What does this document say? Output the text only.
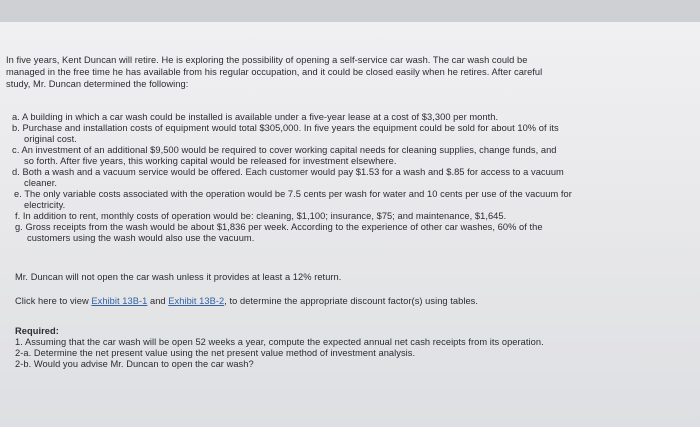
In five years, Kent Duncan will retire. He is exploring the possibility of opening a self-service car wash. The car wash could be
managed in the free time he has available from his regular occupation, and it could be closed easily when he retires. After careful
study, Mr. Duncan determined the following:
a. A building in which a car wash could be installed is available under a five-year lease at a cost of $3,300 per month.
b. Purchase and installation costs of equipment would total $305,000. In five years the equipment could be sold for about 10% of its
original cost.
c. An investment of an additional $9,500 would be required to cover working capital needs for cleaning supplies, change funds, and
so forth. After five years, this working capital would be released for investment elsewhere.
d. Both a wash and a vacuum service would be offered. Each customer would pay $1.53 for a wash and $.85 for access to a vacuum
cleaner.
e. The only variable costs associated with the operation would be 7.5 cents per wash for water and 10 cents per use of the vacuum for
electricity.
f. In addition to rent, monthly costs of operation would be: cleaning, $1,100; insurance, $75; and maintenance, $1,645.
g. Gross receipts from the wash would be about $1,836 per week. According to the experience of other car washes, 60% of the
customers using the wash would also use the vacuum.
Mr. Duncan will not open the car wash unless it provides at least a 12% return.
Click here to view Exhibit 13B-1 and Exhibit 13B-2, to determine the appropriate discount factor(s) using tables.
Required:
1. Assuming that the car wash will be open 52 weeks a year, compute the expected annual net cash receipts from its operation.
2-a. Determine the net present value using the net present value method of investment analysis.
2-b. Would you advise Mr. Duncan to open the car wash?
